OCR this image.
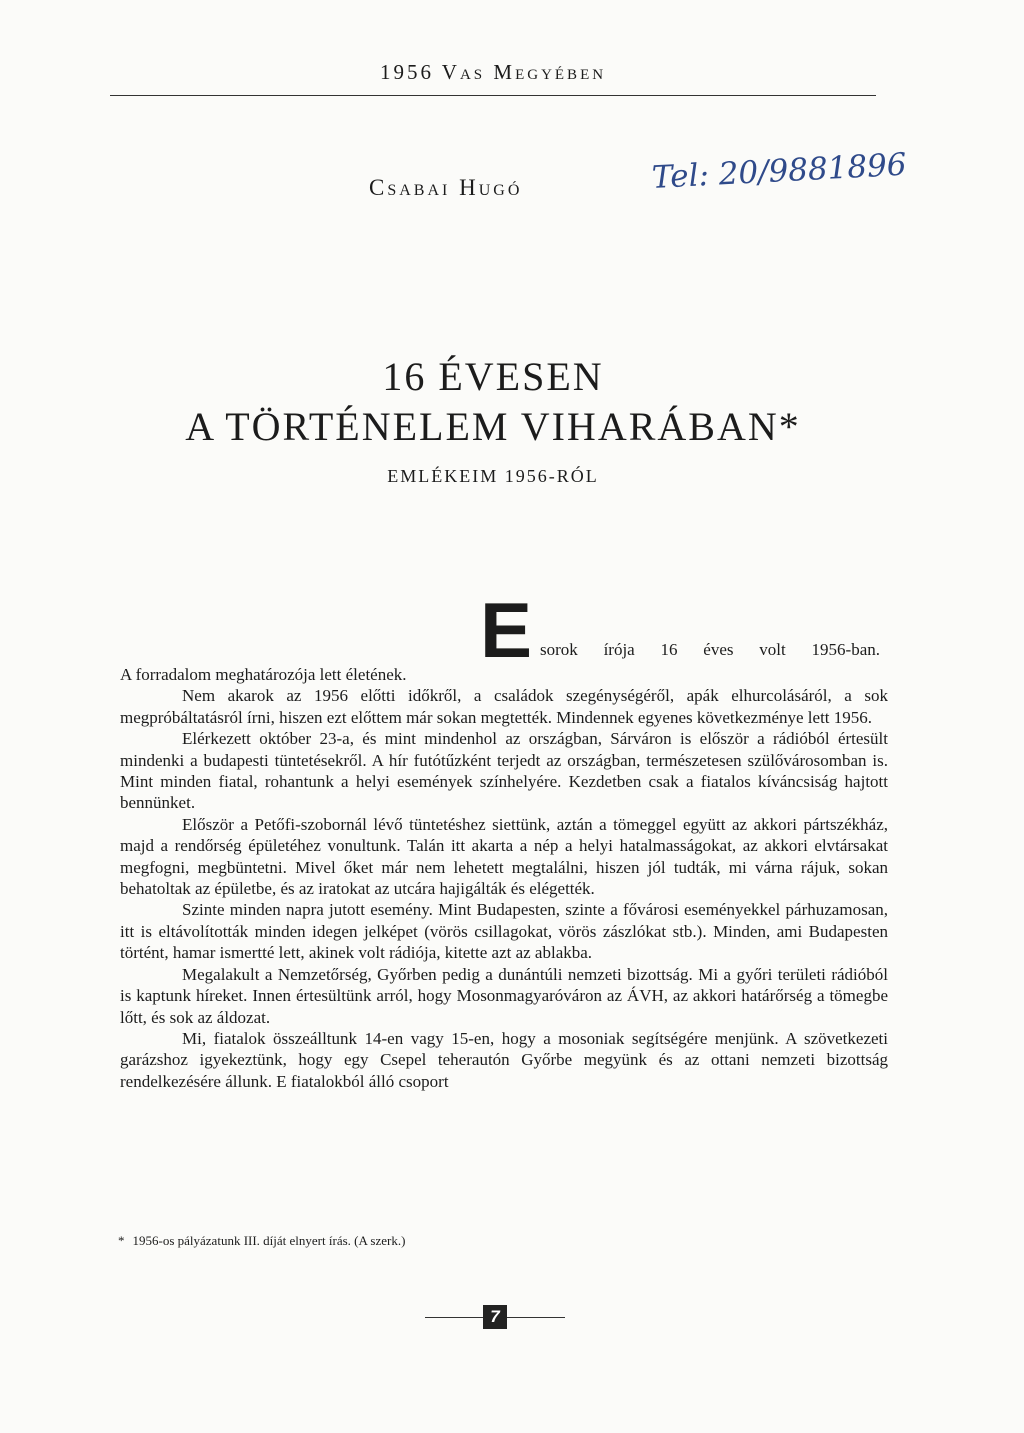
1956 Vas Megyében
Csabai Hugó	Tel: 20/9881896
16 ÉVESEN
A TÖRTÉNELEM VIHARÁBAN*
EMLÉKEIM 1956-RÓL
E sorok írója 16 éves volt 1956-ban.

A forradalom meghatározója lett életének.

Nem akarok az 1956 előtti időkről, a családok szegénységéről, apák elhurcolásáról, a sok megpróbáltatásról írni, hiszen ezt előttem már sokan megtették. Mindennek egyenes következménye lett 1956.

Elérkezett október 23-a, és mint mindenhol az országban, Sárváron is először a rádióból értesült mindenki a budapesti tüntetésekről. A hír futótűzként terjedt az országban, természetesen szülővárosomban is. Mint minden fiatal, rohantunk a helyi események színhelyére. Kezdetben csak a fiatalos kíváncsiság hajtott bennünket.

Először a Petőfi-szobornál lévő tüntetéshez siettünk, aztán a tömeggel együtt az akkori pártszékház, majd a rendőrség épületéhez vonultunk. Talán itt akarta a nép a helyi hatalmasságokat, az akkori elvtársakat megfogni, megbüntetni. Mivel őket már nem lehetett megtalálni, hiszen jól tudták, mi várna rájuk, sokan behatoltak az épületbe, és az iratokat az utcára hajigálták és elégették.

Szinte minden napra jutott esemény. Mint Budapesten, szinte a fővárosi eseményekkel párhuzamosan, itt is eltávolították minden idegen jelképet (vörös csillagokat, vörös zászlókat stb.). Minden, ami Budapesten történt, hamar ismertté lett, akinek volt rádiója, kitette azt az ablakba.

Megalakult a Nemzetőrség, Győrben pedig a dunántúli nemzeti bizottság. Mi a győri területi rádióból is kaptunk híreket. Innen értesültünk arról, hogy Mosonmagyaróváron az ÁVH, az akkori határőrség a tömegbe lőtt, és sok az áldozat.

Mi, fiatalok összeálltunk 14-en vagy 15-en, hogy a mosoniak segítségére menjünk. A szövetkezeti garázshoz igyekeztünk, hogy egy Csepel teherautón Győrbe megyünk és az ottani nemzeti bizottság rendelkezésére állunk. E fiatalokból álló csoport

* 1956-os pályázatunk III. díját elnyert írás. (A szerk.)
7
